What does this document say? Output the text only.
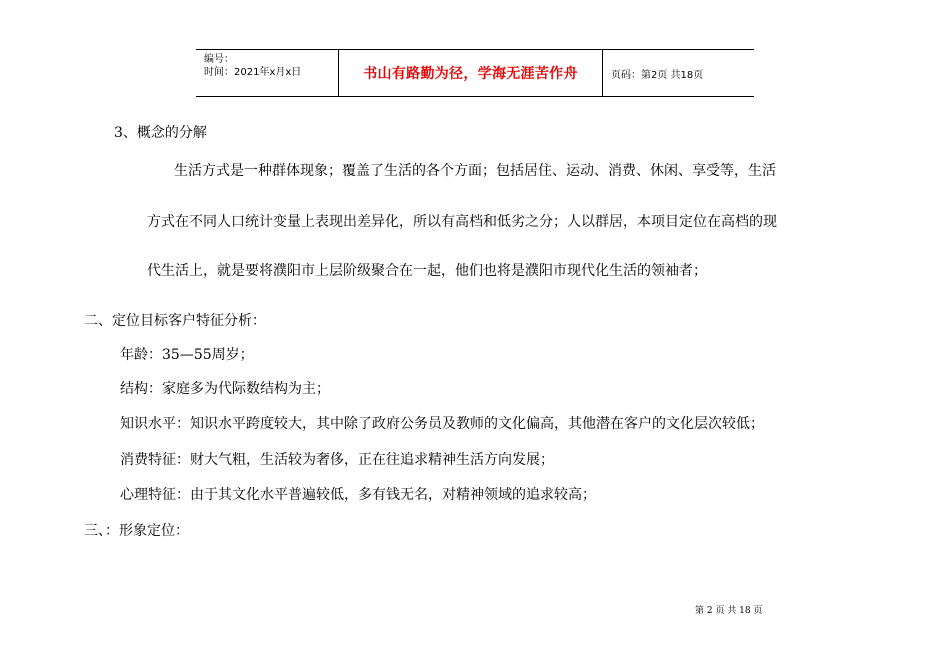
编号：
时间：2021年x月x日	书山有路勤为径，学海无涯苦作舟	页码：第2页 共18页
3、概念的分解
生活方式是一种群体现象；覆盖了生活的各个方面；包括居住、运动、消费、休闲、享受等，生活
方式在不同人口统计变量上表现出差异化，所以有高档和低劣之分；人以群居，本项目定位在高档的现
代生活上，就是要将濮阳市上层阶级聚合在一起，他们也将是濮阳市现代化生活的领袖者；
二、定位目标客户特征分析：
年龄：35—55周岁；
结构：家庭多为代际数结构为主；
知识水平：知识水平跨度较大，其中除了政府公务员及教师的文化偏高，其他潜在客户的文化层次较低；
消费特征：财大气粗，生活较为奢侈，正在往追求精神生活方向发展；
心理特征：由于其文化水平普遍较低，多有钱无名，对精神领域的追求较高；
三、：形象定位：
第 2 页 共 18 页
